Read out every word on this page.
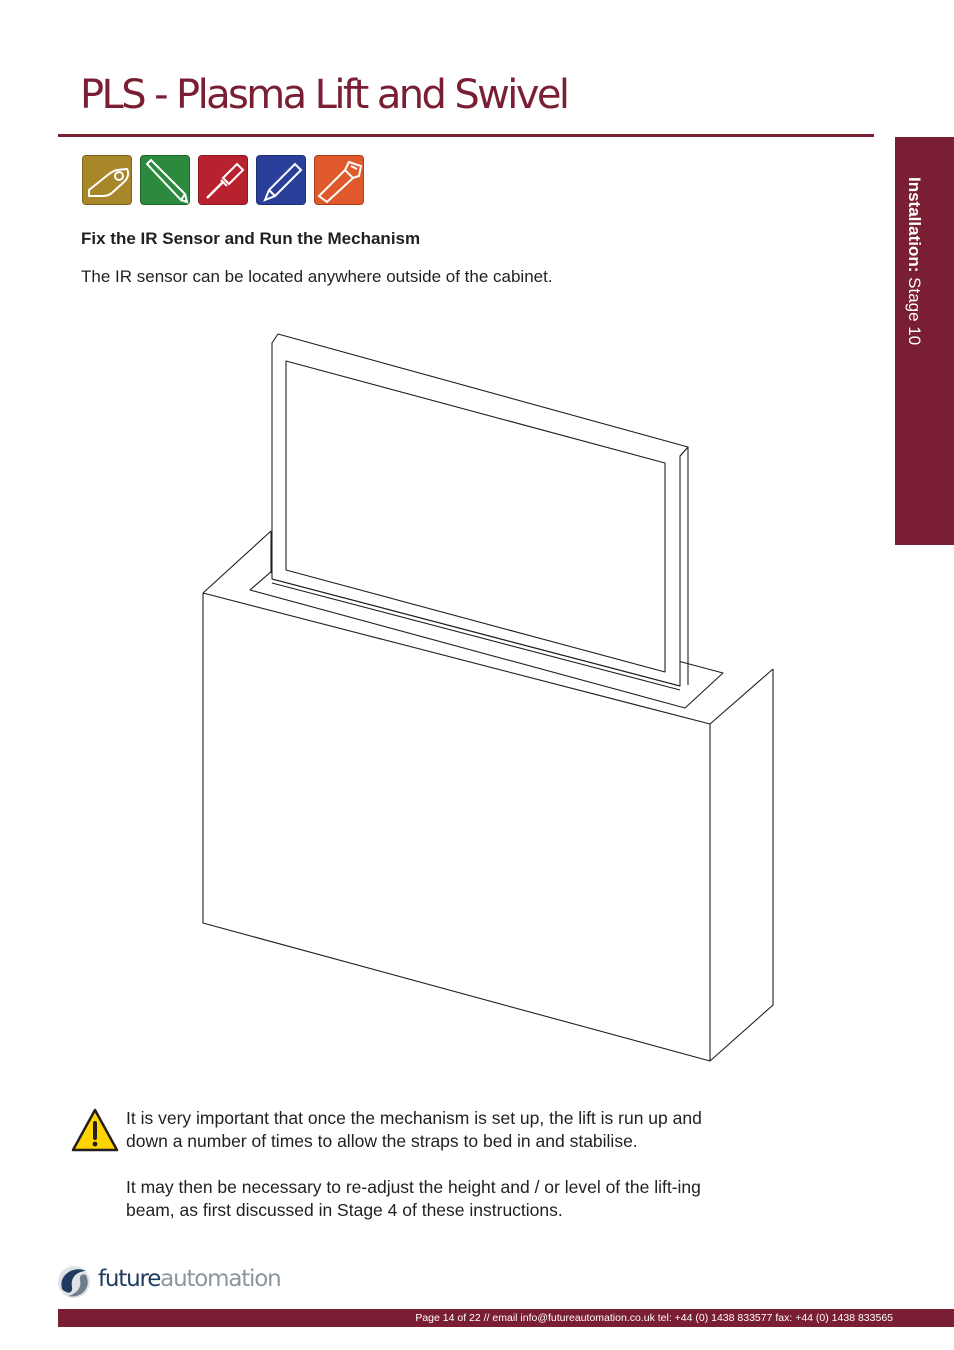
PLS - Plasma Lift and Swivel
Installation: Stage 10
Fix the IR Sensor and Run the Mechanism

The IR sensor can be located anywhere outside of the cabinet.

It is very important that once the mechanism is set up, the lift is run up and down a number of times to allow the straps to bed in and stabilise.

It may then be necessary to re-adjust the height and / or level of the lift-ing beam, as first discussed in Stage 4 of these instructions.

futureautomation
Page 14 of 22 // email info@futureautomation.co.uk tel: +44 (0) 1438 833577 fax: +44 (0) 1438 833565
